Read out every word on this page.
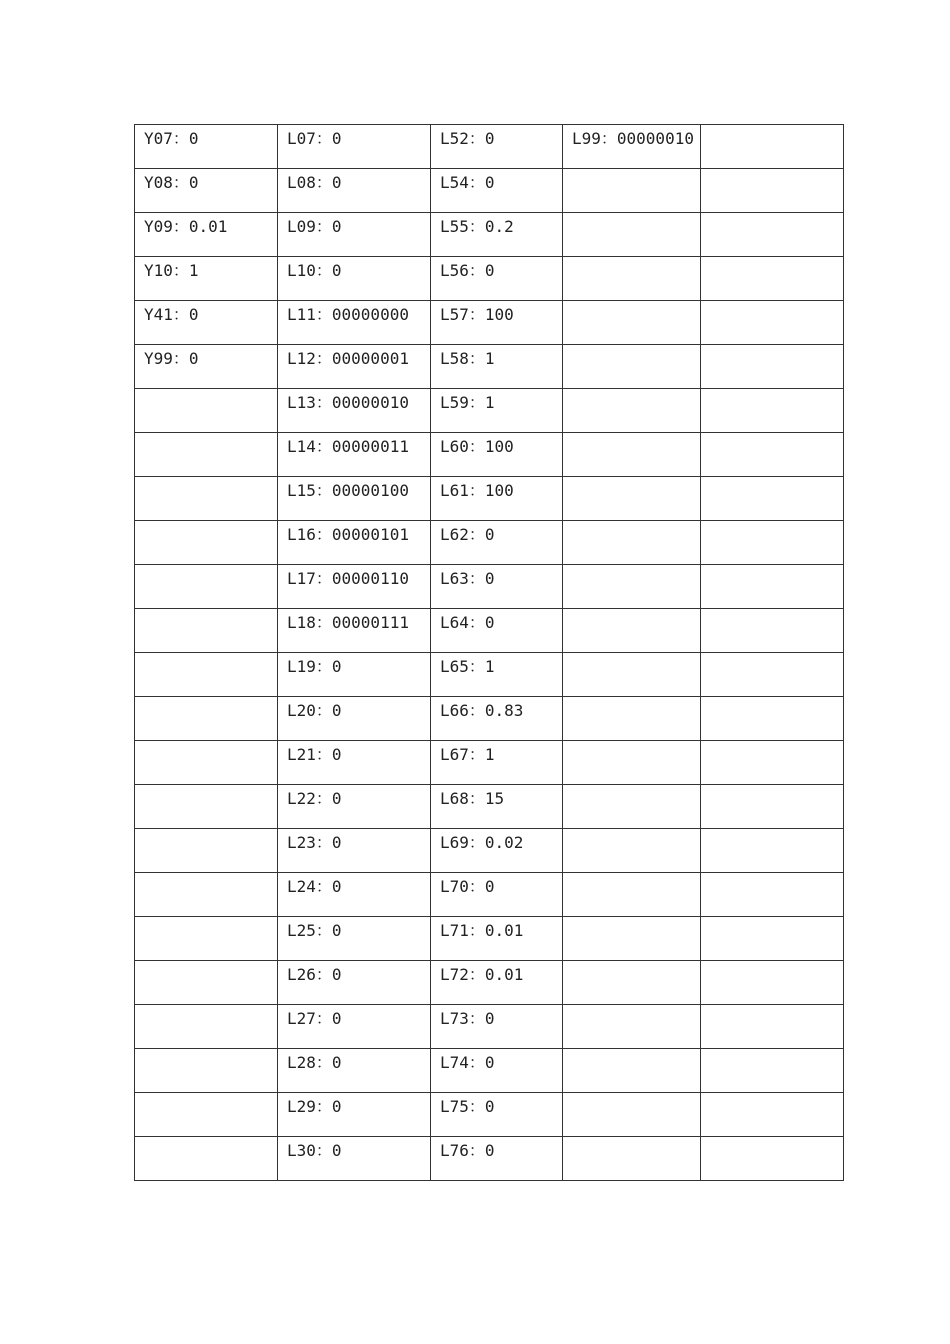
Y07：0	L07：0	L52：0	L99：00000010	
Y08：0	L08：0	L54：0		
Y09：0.01	L09：0	L55：0.2		
Y10：1	L10：0	L56：0		
Y41：0	L11：00000000	L57：100		
Y99：0	L12：00000001	L58：1		
	L13：00000010	L59：1		
	L14：00000011	L60：100		
	L15：00000100	L61：100		
	L16：00000101	L62：0		
	L17：00000110	L63：0		
	L18：00000111	L64：0		
	L19：0	L65：1		
	L20：0	L66：0.83		
	L21：0	L67：1		
	L22：0	L68：15		
	L23：0	L69：0.02		
	L24：0	L70：0		
	L25：0	L71：0.01		
	L26：0	L72：0.01		
	L27：0	L73：0		
	L28：0	L74：0		
	L29：0	L75：0		
	L30：0	L76：0		
